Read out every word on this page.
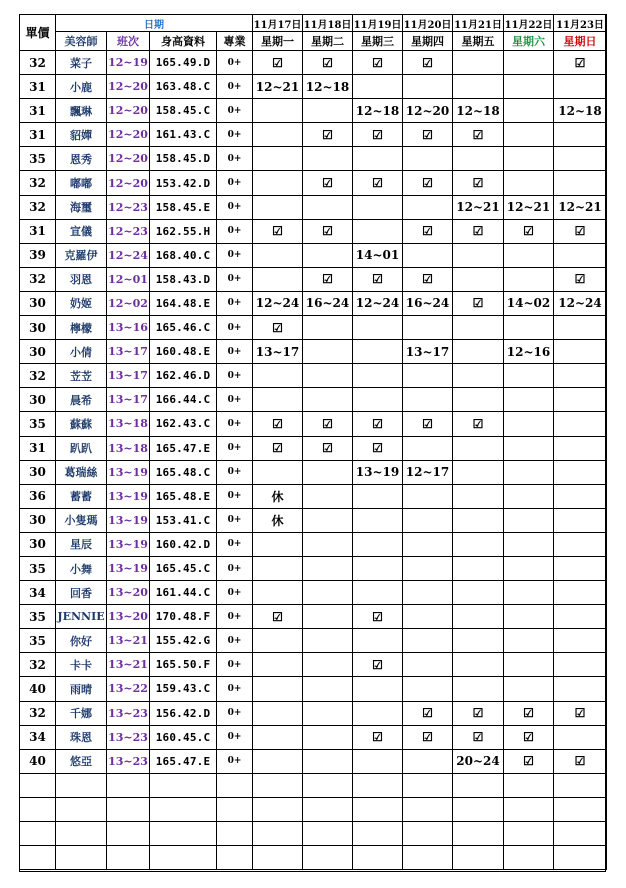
單價	日期				11月17日	11月18日	11月19日	11月20日	11月21日	11月22日	11月23日
	美容師	班次	身高資料	專業	星期一	星期二	星期三	星期四	星期五	星期六	星期日
32	菜子	12~19	165.49.D	0+	☑	☑	☑	☑			☑
31	小鹿	12~20	163.48.C	0+	12~21	12~18					
31	飄琳	12~20	158.45.C	0+			12~18	12~20	12~18		12~18
31	貂嬋	12~20	161.43.C	0+		☑	☑	☑	☑		
35	恩秀	12~20	158.45.D	0+							
32	嘟嘟	12~20	153.42.D	0+		☑	☑	☑	☑		
32	海璽	12~23	158.45.E	0+					12~21	12~21	12~21
31	宣儀	12~23	162.55.H	0+	☑	☑		☑	☑	☑	☑
39	克羅伊	12~24	168.40.C	0+			14~01				
32	羽恩	12~01	158.43.D	0+		☑	☑	☑			☑
30	奶姬	12~02	164.48.E	0+	12~24	16~24	12~24	16~24	☑	14~02	12~24
30	檸檬	13~16	165.46.C	0+	☑						
30	小倩	13~17	160.48.E	0+	13~17			13~17		12~16	
32	苙苙	13~17	162.46.D	0+							
30	晨希	13~17	166.44.C	0+							
35	蘇蘇	13~18	162.43.C	0+	☑	☑	☑	☑	☑		
31	趴趴	13~18	165.47.E	0+	☑	☑	☑				
30	葛瑞絲	13~19	165.48.C	0+			13~19	12~17			
36	蓄蓄	13~19	165.48.E	0+	休						
30	小隻瑪	13~19	153.41.C	0+	休						
30	星辰	13~19	160.42.D	0+							
35	小舞	13~19	165.45.C	0+							
34	回香	13~20	161.44.C	0+							
35	JENNIE	13~20	170.48.F	0+	☑		☑				
35	你好	13~21	155.42.G	0+							
32	卡卡	13~21	165.50.F	0+			☑				
40	雨晴	13~22	159.43.C	0+							
32	千娜	13~23	156.42.D	0+				☑	☑	☑	☑
34	珠恩	13~23	160.45.C	0+			☑	☑	☑	☑	
40	悠亞	13~23	165.47.E	0+					20~24	☑	☑
